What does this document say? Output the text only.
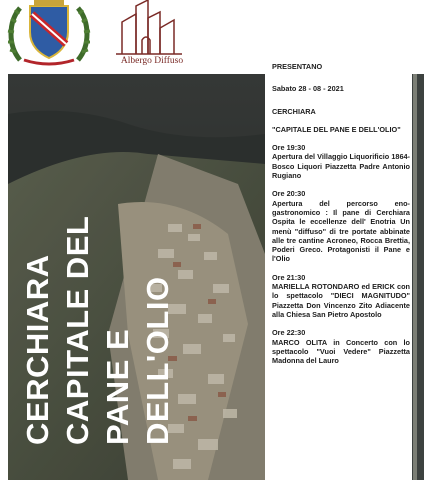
Albergo Diffuso
CERCHIARA CAPITALE DEL PANE E DELL'OLIO

PRESENTANO

Sabato 28 - 08 - 2021

CERCHIARA

"CAPITALE DEL PANE E DELL'OLIO"

Ore 19:30

Apertura del Villaggio Liquorificio 1864-Bosco Liquori Piazzetta Padre Antonio Rugiano

Ore 20:30

Apertura del percorso eno-gastronomico : Il pane di Cerchiara Ospita le eccellenze dell' Enotria Un menù "diffuso" di tre portate abbinate alle tre cantine Acroneo, Rocca Brettia, Poderi Greco. Protagonisti il Pane e l'Olio

Ore 21:30

MARIELLA ROTONDARO ed ERICK con lo spettacolo "DIECI MAGNITUDO" Piazzetta Don Vincenzo Zito Adiacente alla Chiesa San Pietro Apostolo

Ore 22:30

MARCO OLITA in Concerto con lo spettacolo "Vuoi Vedere" Piazzetta Madonna del Lauro
